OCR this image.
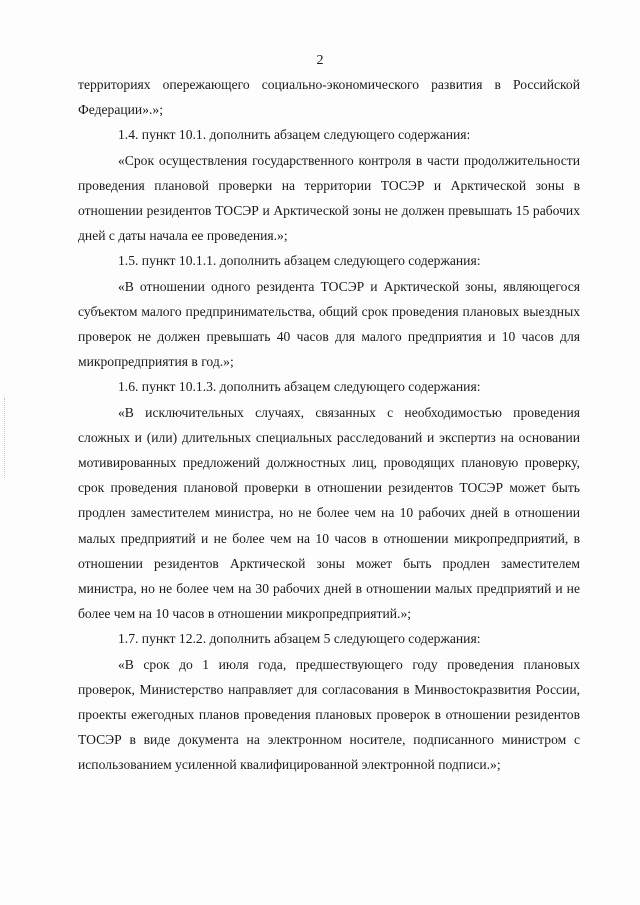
2

территориях опережающего социально-экономического развития в Российской Федерации».»;

1.4. пункт 10.1. дополнить абзацем следующего содержания:

«Срок осуществления государственного контроля в части продолжительности проведения плановой проверки на территории ТОСЭР и Арктической зоны в отношении резидентов ТОСЭР и Арктической зоны не должен превышать 15 рабочих дней с даты начала ее проведения.»;

1.5. пункт 10.1.1. дополнить абзацем следующего содержания:

«В отношении одного резидента ТОСЭР и Арктической зоны, являющегося субъектом малого предпринимательства, общий срок проведения плановых выездных проверок не должен превышать 40 часов для малого предприятия и 10 часов для микропредприятия в год.»;

1.6. пункт 10.1.3. дополнить абзацем следующего содержания:

«В исключительных случаях, связанных с необходимостью проведения сложных и (или) длительных специальных расследований и экспертиз на основании мотивированных предложений должностных лиц, проводящих плановую проверку, срок проведения плановой проверки в отношении резидентов ТОСЭР может быть продлен заместителем министра, но не более чем на 10 рабочих дней в отношении малых предприятий и не более чем на 10 часов в отношении микропредприятий, в отношении резидентов Арктической зоны может быть продлен заместителем министра, но не более чем на 30 рабочих дней в отношении малых предприятий и не более чем на 10 часов в отношении микропредприятий.»;

1.7. пункт 12.2. дополнить абзацем 5 следующего содержания:

«В срок до 1 июля года, предшествующего году проведения плановых проверок, Министерство направляет для согласования в Минвостокразвития России, проекты ежегодных планов проведения плановых проверок в отношении резидентов ТОСЭР в виде документа на электронном носителе, подписанного министром с использованием усиленной квалифицированной электронной подписи.»;
